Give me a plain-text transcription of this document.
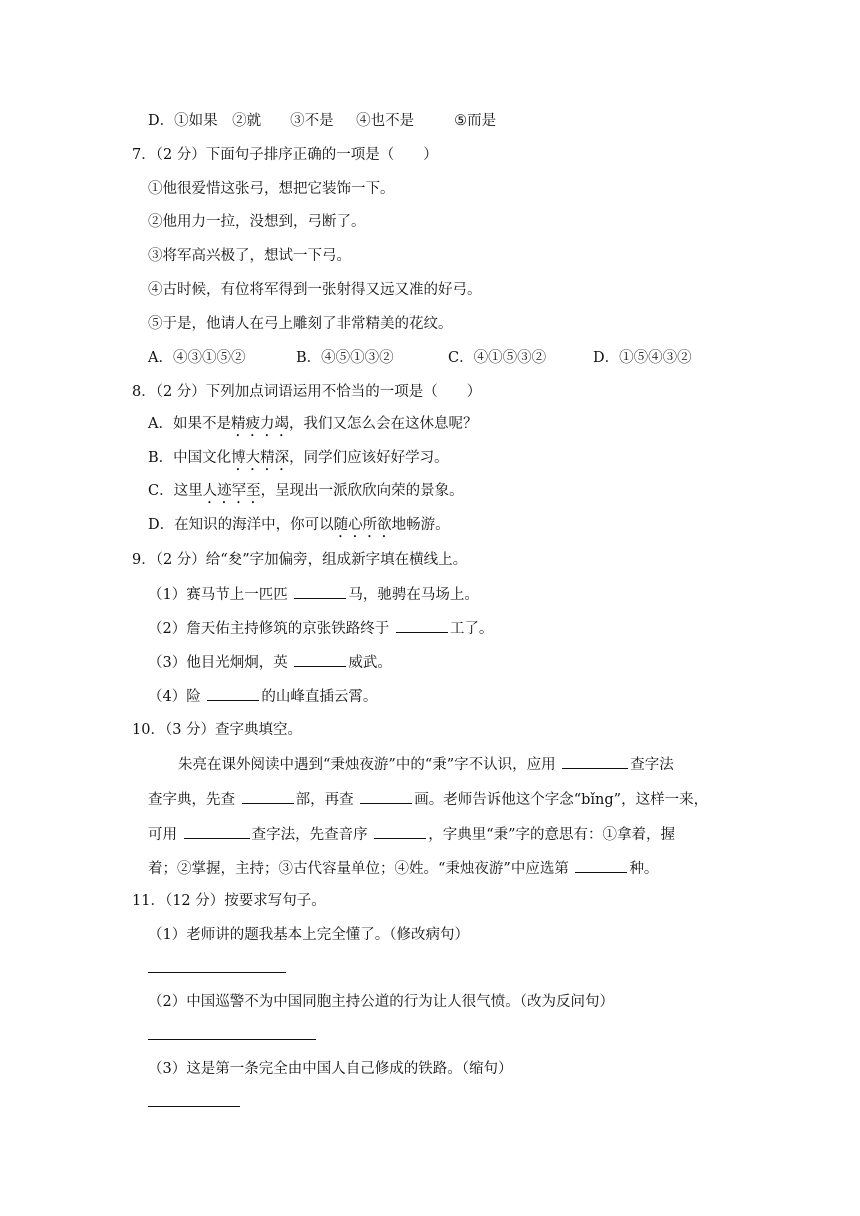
D．①如果 ②就 ③不是 ④也不是	⑤而是
7．（2 分）下面句子排序正确的一项是（　　）
①他很爱惜这张弓，想把它装饰一下。
②他用力一拉，没想到，弓断了。
③将军高兴极了，想试一下弓。
④古时候，有位将军得到一张射得又远又准的好弓。
⑤于是，他请人在弓上雕刻了非常精美的花纹。
A．④③①⑤②	B．④⑤①③②	C．④①⑤③②	D．①⑤④③②
8．（2 分）下列加点词语运用不恰当的一项是（　　）
A．如果不是精疲力竭，我们又怎么会在这休息呢？
B．中国文化博大精深，同学们应该好好学习。
C．这里人迹罕至，呈现出一派欣欣向荣的景象。
D．在知识的海洋中，你可以随心所欲地畅游。
9．（2 分）给“夋”字加偏旁，组成新字填在横线上。
（1）赛马节上一匹匹	马，驰骋在马场上。
（2）詹天佑主持修筑的京张铁路终于	工了。
（3）他目光炯炯，英	威武。
（4）险	的山峰直插云霄。
10．（3 分）查字典填空。
朱亮在课外阅读中遇到“秉烛夜游”中的“秉”字不认识，应用	查字法
查字典，先查	部，再查	画。老师告诉他这个字念“bǐng”，这样一来，
可用	查字法，先查音序	，字典里“秉”字的意思有：①拿着，握
着；②掌握，主持；③古代容量单位；④姓。“秉烛夜游”中应选第	种。
11．（12 分）按要求写句子。
（1）老师讲的题我基本上完全懂了。（修改病句）
（2）中国巡警不为中国同胞主持公道的行为让人很气愤。（改为反问句）
（3）这是第一条完全由中国人自己修成的铁路。（缩句）
